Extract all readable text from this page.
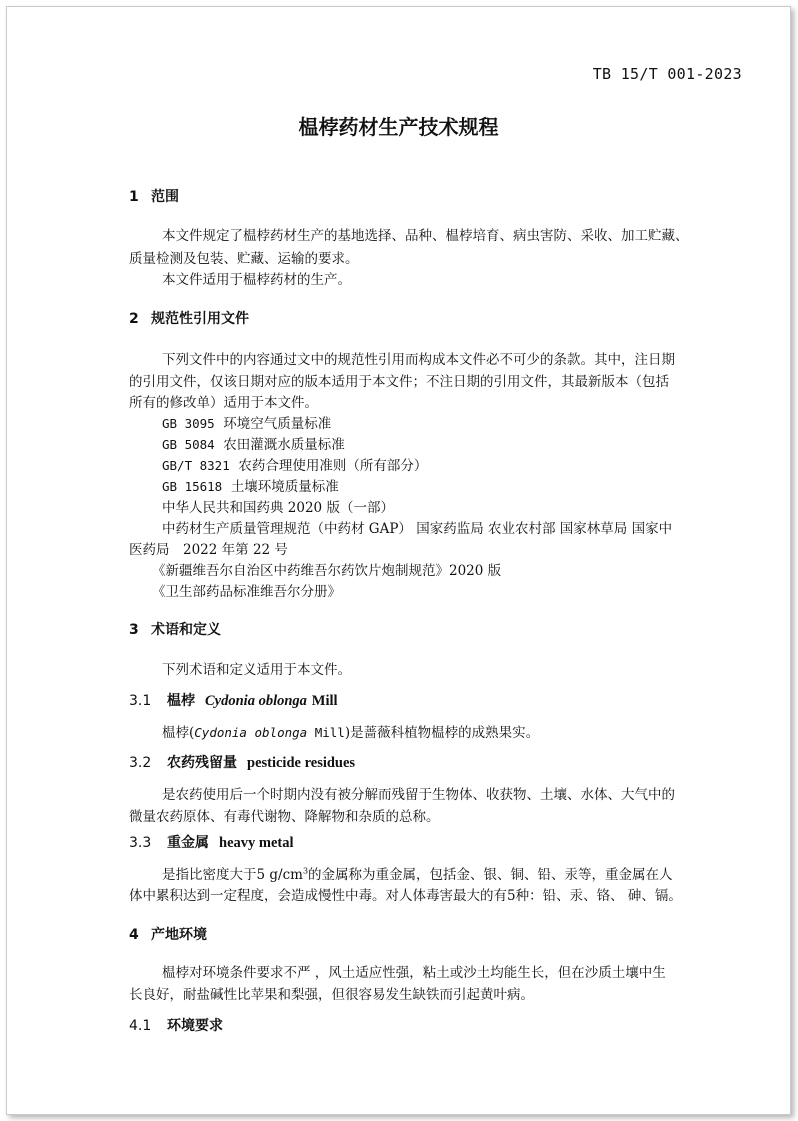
TB 15/T 001-2023
榅桲药材生产技术规程
1 范围
本文件规定了榅桲药材生产的基地选择、品种、榅桲培育、病虫害防、采收、加工贮藏、
质量检测及包装、贮藏、运输的要求。
本文件适用于榅桲药材的生产。
2 规范性引用文件
下列文件中的内容通过文中的规范性引用而构成本文件必不可少的条款。其中，注日期
的引用文件，仅该日期对应的版本适用于本文件；不注日期的引用文件，其最新版本（包括
所有的修改单）适用于本文件。
GB 3095 环境空气质量标准
GB 5084 农田灌溉水质量标准
GB/T 8321 农药合理使用准则（所有部分）
GB 15618 土壤环境质量标准
中华人民共和国药典 2020 版（一部）
中药材生产质量管理规范（中药材 GAP） 国家药监局 农业农村部 国家林草局 国家中
医药局　2022 年第 22 号
《新疆维吾尔自治区中药维吾尔药饮片炮制规范》2020 版
《卫生部药品标准维吾尔分册》
3 术语和定义
下列术语和定义适用于本文件。
3.1 榅桲 Cydonia oblonga Mill
榅桲(Cydonia oblonga Mill)是蔷薇科植物榅桲的成熟果实。
3.2 农药残留量 pesticide residues
是农药使用后一个时期内没有被分解而残留于生物体、收获物、土壤、水体、大气中的
微量农药原体、有毒代谢物、降解物和杂质的总称。
3.3 重金属 heavy metal
是指比密度大于5 $g/cm^3$的金属称为重金属，包括金、银、铜、铅、汞等，重金属在人
体中累积达到一定程度，会造成慢性中毒。对人体毒害最大的有5种：铅、汞、铬、 砷、镉。
4 产地环境
榅桲对环境条件要求不严 ，风土适应性强，粘土或沙土均能生长，但在沙质土壤中生
长良好，耐盐碱性比苹果和梨强，但很容易发生缺铁而引起黄叶病。
4.1 环境要求
